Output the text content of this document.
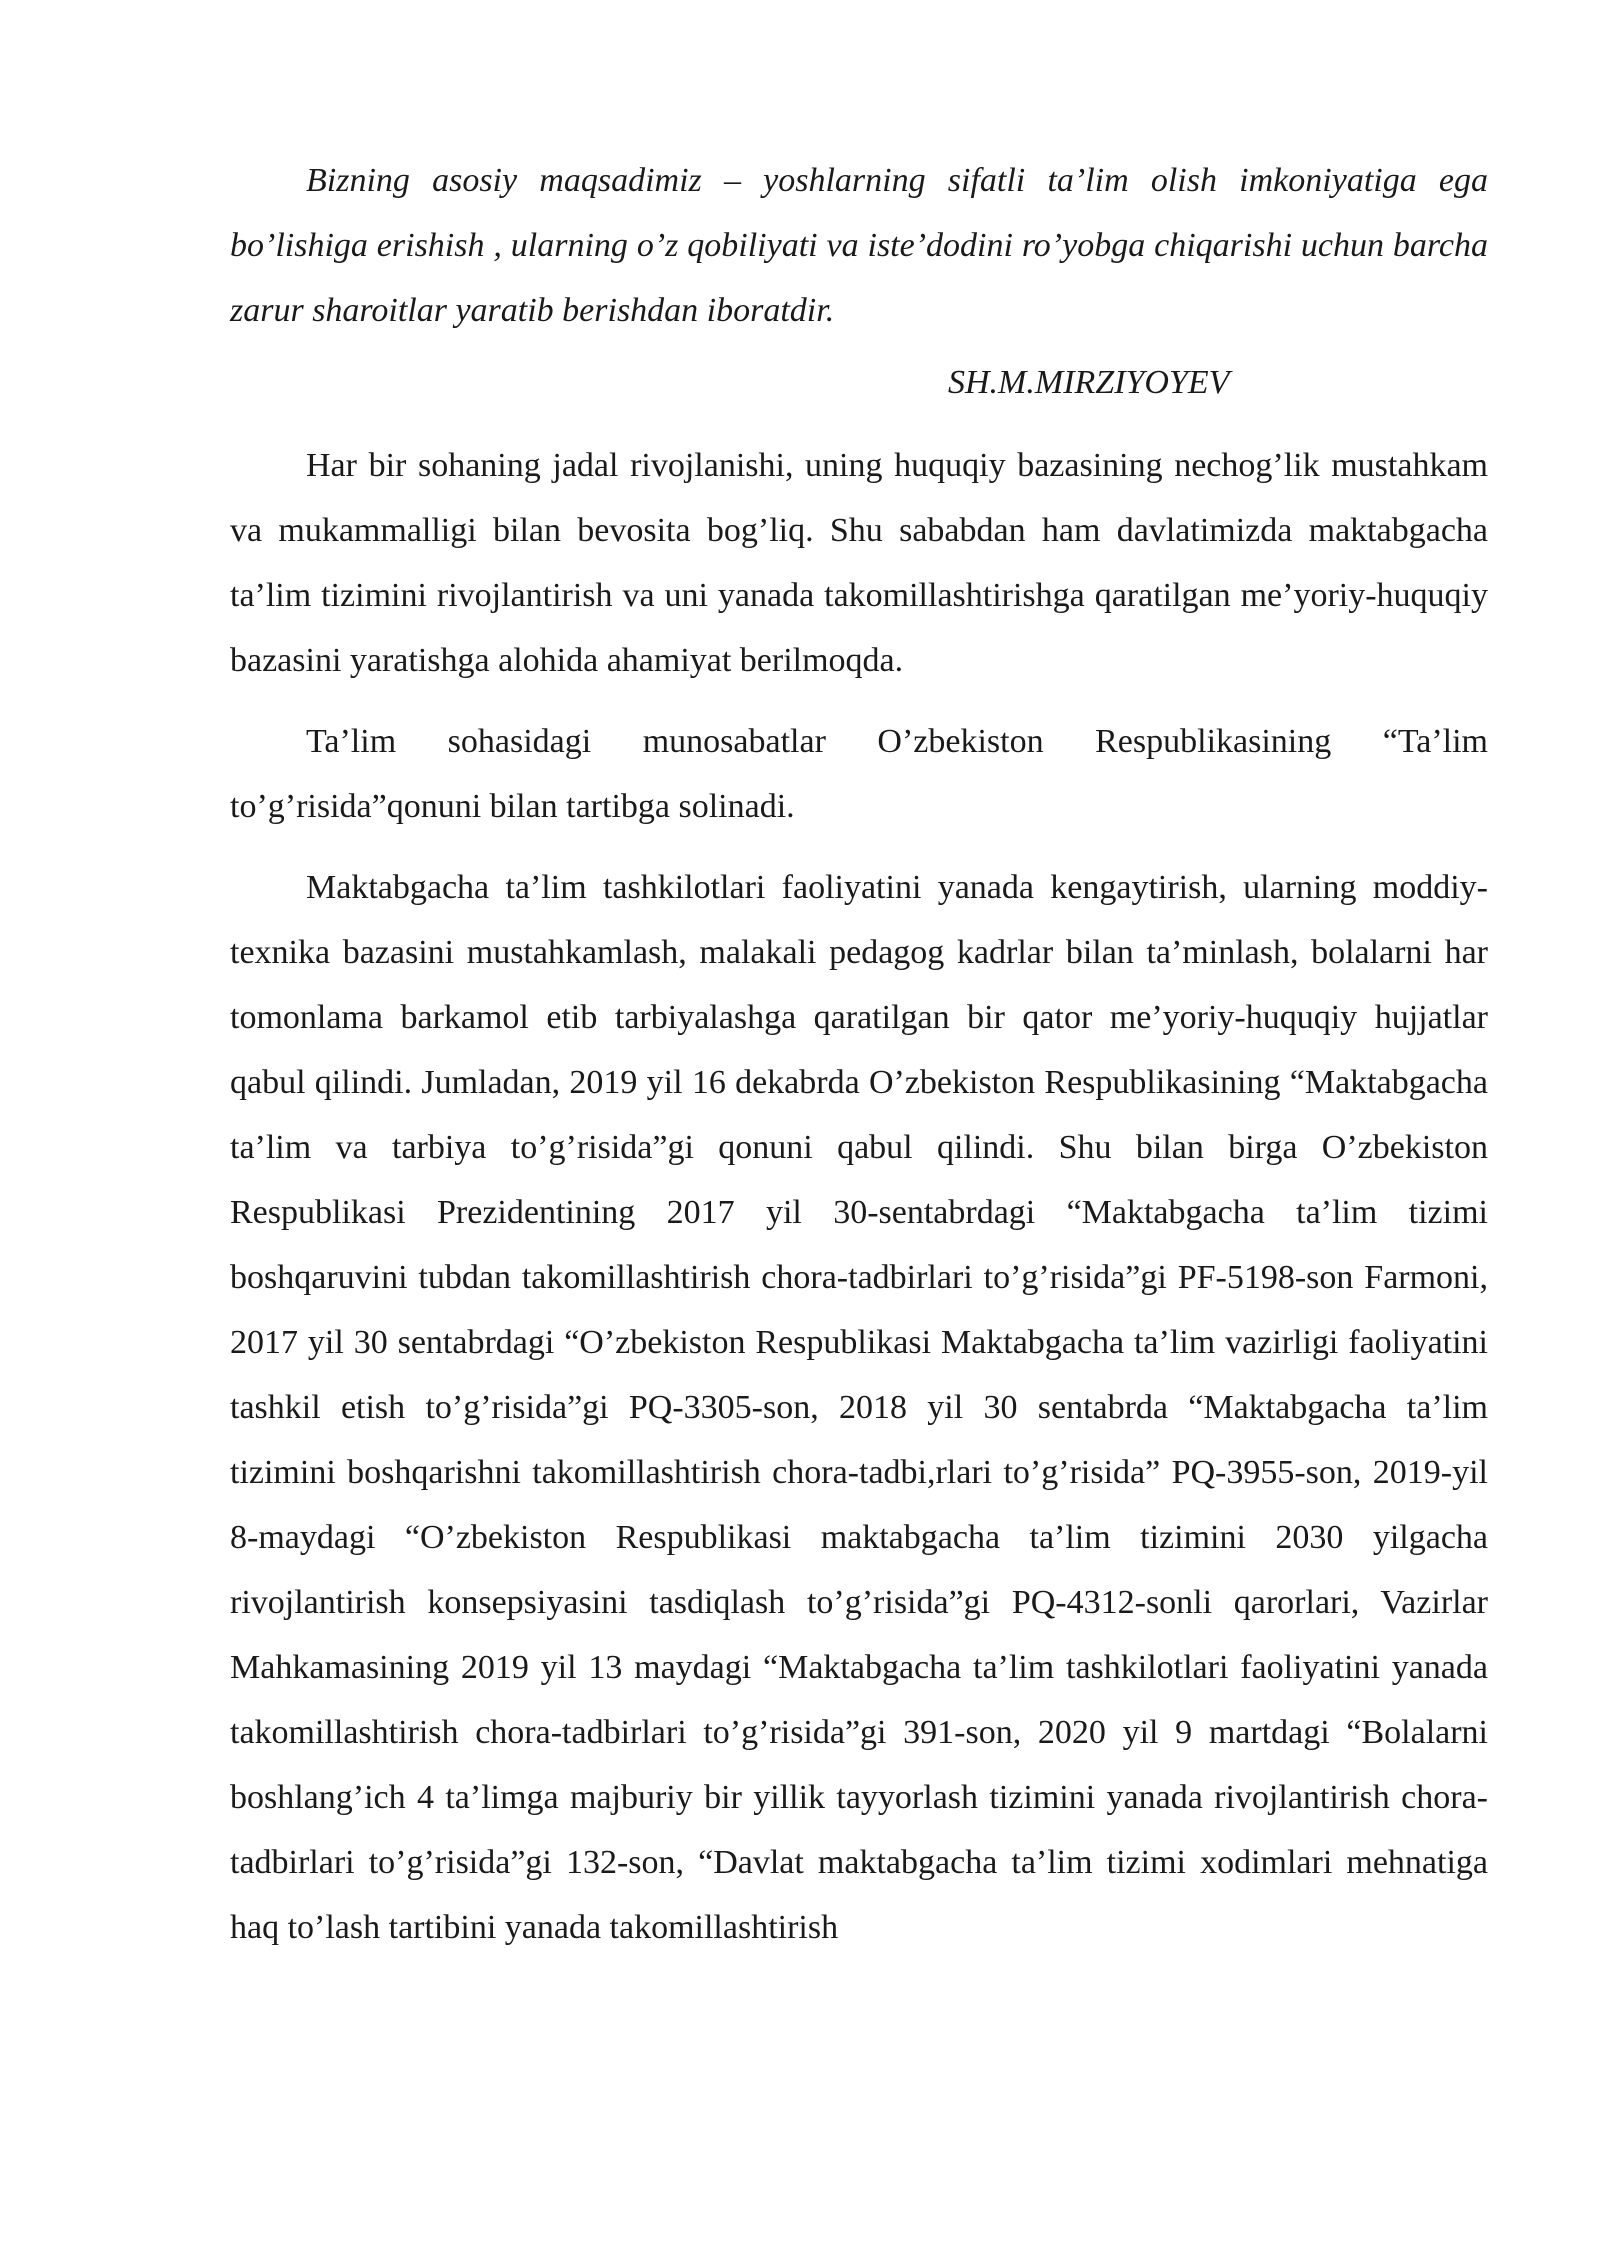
Bizning asosiy maqsadimiz – yoshlarning sifatli ta’lim olish imkoniyatiga ega bo’lishiga erishish , ularning o’z qobiliyati va iste’dodini ro’yobga chiqarishi uchun barcha zarur sharoitlar yaratib berishdan iboratdir.

SH.M.MIRZIYOYEV

Har bir sohaning jadal rivojlanishi, uning huquqiy bazasining nechog’lik mustahkam va mukammalligi bilan bevosita bog’liq. Shu sababdan ham davlatimizda maktabgacha ta’lim tizimini rivojlantirish va uni yanada takomillashtirishga qaratilgan me’yoriy-huquqiy bazasini yaratishga alohida ahamiyat berilmoqda.

Ta’lim sohasidagi munosabatlar O’zbekiston Respublikasining “Ta’lim to’g’risida”qonuni bilan tartibga solinadi.

Maktabgacha ta’lim tashkilotlari faoliyatini yanada kengaytirish, ularning moddiy-texnika bazasini mustahkamlash, malakali pedagog kadrlar bilan ta’minlash, bolalarni har tomonlama barkamol etib tarbiyalashga qaratilgan bir qator me’yoriy-huquqiy hujjatlar qabul qilindi. Jumladan, 2019 yil 16 dekabrda O’zbekiston Respublikasining “Maktabgacha ta’lim va tarbiya to’g’risida”gi qonuni qabul qilindi. Shu bilan birga O’zbekiston Respublikasi Prezidentining 2017 yil 30-sentabrdagi “Maktabgacha ta’lim tizimi boshqaruvini tubdan takomillashtirish chora-tadbirlari to’g’risida”gi PF-5198-son Farmoni, 2017 yil 30 sentabrdagi “O’zbekiston Respublikasi Maktabgacha ta’lim vazirligi faoliyatini tashkil etish to’g’risida”gi PQ-3305-son, 2018 yil 30 sentabrda “Maktabgacha ta’lim tizimini boshqarishni takomillashtirish chora-tadbi,rlari to’g’risida” PQ-3955-son, 2019-yil 8-maydagi “O’zbekiston Respublikasi maktabgacha ta’lim tizimini 2030 yilgacha rivojlantirish konsepsiyasini tasdiqlash to’g’risida”gi PQ-4312-sonli qarorlari, Vazirlar Mahkamasining 2019 yil 13 maydagi “Maktabgacha ta’lim tashkilotlari faoliyatini yanada takomillashtirish chora-tadbirlari to’g’risida”gi 391-son, 2020 yil 9 martdagi “Bolalarni boshlang’ich 4 ta’limga majburiy bir yillik tayyorlash tizimini yanada rivojlantirish chora-tadbirlari to’g’risida”gi 132-son, “Davlat maktabgacha ta’lim tizimi xodimlari mehnatiga haq to’lash tartibini yanada takomillashtirish
